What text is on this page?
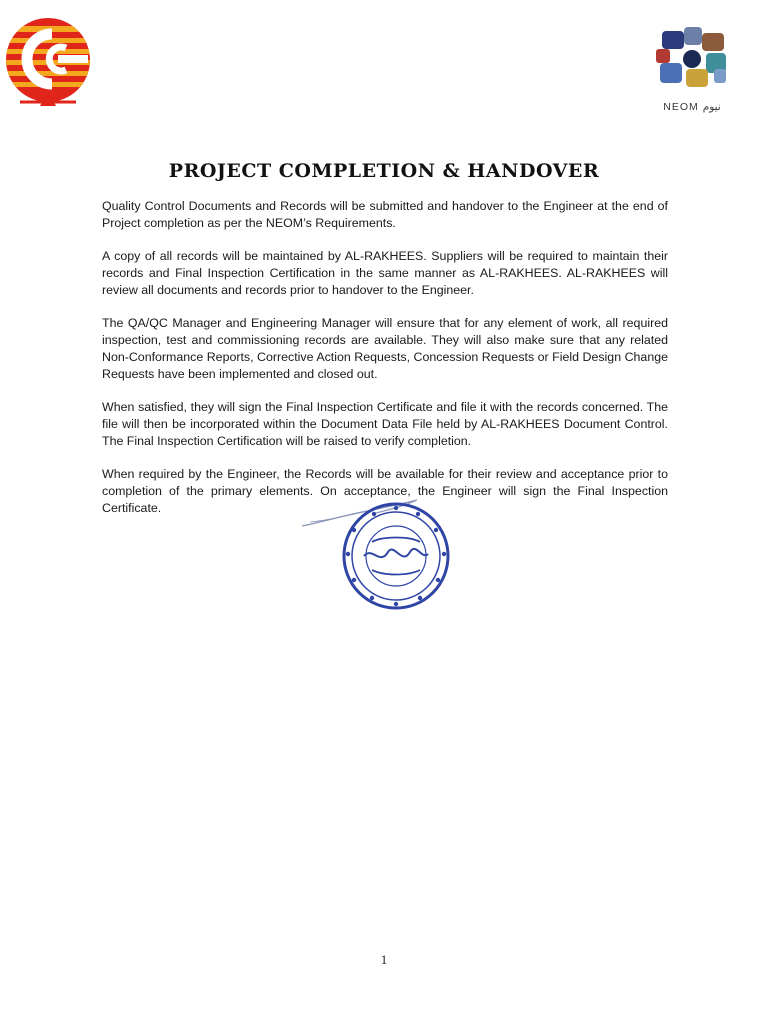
NEOM نيوم
PROJECT COMPLETION & HANDOVER

Quality Control Documents and Records will be submitted and handover to the Engineer at the end of Project completion as per the NEOM’s Requirements.

A copy of all records will be maintained by AL-RAKHEES. Suppliers will be required to maintain their records and Final Inspection Certification in the same manner as AL-RAKHEES. AL-RAKHEES will review all documents and records prior to handover to the Engineer.

The QA/QC Manager and Engineering Manager will ensure that for any element of work, all required inspection, test and commissioning records are available. They will also make sure that any related Non-Conformance Reports, Corrective Action Requests, Concession Requests or Field Design Change Requests have been implemented and closed out.

When satisfied, they will sign the Final Inspection Certificate and file it with the records concerned. The file will then be incorporated within the Document Data File held by AL-RAKHEES Document Control. The Final Inspection Certification will be raised to verify completion.

When required by the Engineer, the Records will be available for their review and acceptance prior to completion of the primary elements. On acceptance, the Engineer will sign the Final Inspection Certificate.

1
